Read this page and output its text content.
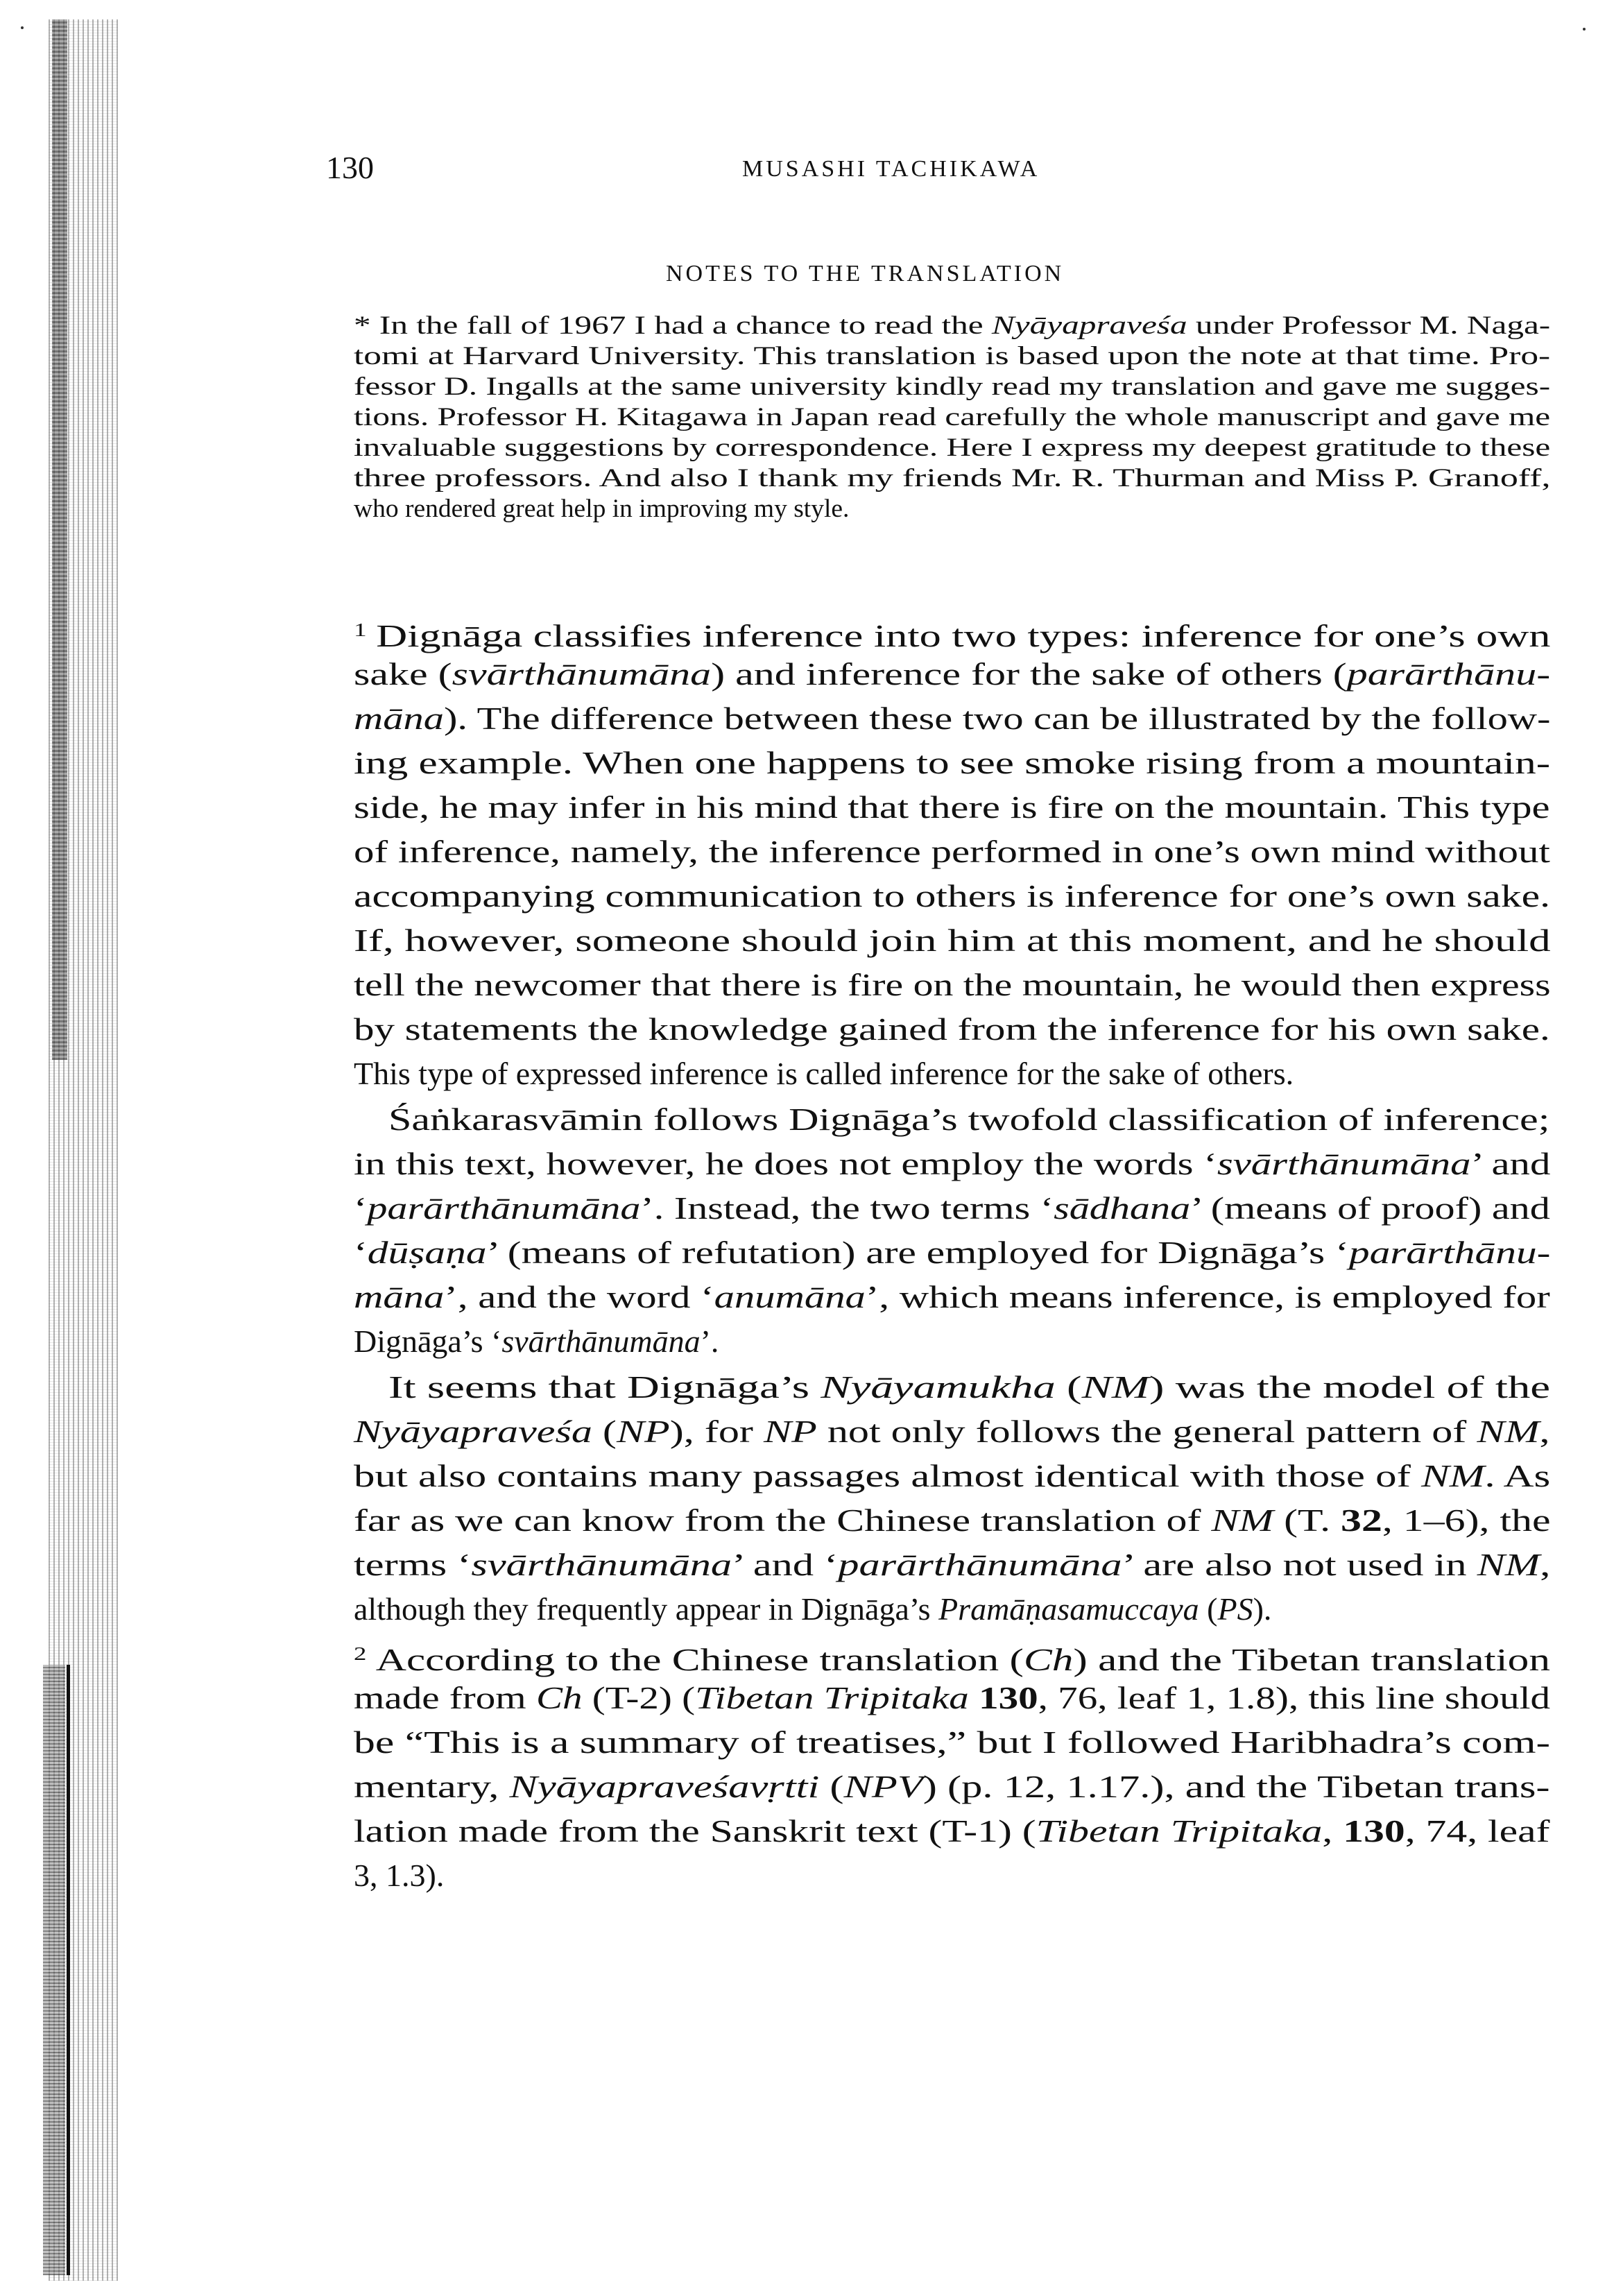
130	MUSASHI TACHIKAWA
NOTES TO THE TRANSLATION
* In the fall of 1967 I had a chance to read the Nyāyapraveśa under Professor M. Naga-
tomi at Harvard University. This translation is based upon the note at that time. Pro-
fessor D. Ingalls at the same university kindly read my translation and gave me sugges-
tions. Professor H. Kitagawa in Japan read carefully the whole manuscript and gave me
invaluable suggestions by correspondence. Here I express my deepest gratitude to these
three professors. And also I thank my friends Mr. R. Thurman and Miss P. Granoff,
who rendered great help in improving my style.
$^1$ Dignāga classifies inference into two types: inference for one’s own
sake (svārthānumāna) and inference for the sake of others (parārthānu-
māna). The difference between these two can be illustrated by the follow-
ing example. When one happens to see smoke rising from a mountain-
side, he may infer in his mind that there is fire on the mountain. This type
of inference, namely, the inference performed in one’s own mind without
accompanying communication to others is inference for one’s own sake.
If, however, someone should join him at this moment, and he should
tell the newcomer that there is fire on the mountain, he would then express
by statements the knowledge gained from the inference for his own sake.
This type of expressed inference is called inference for the sake of others.
Śaṅkarasvāmin follows Dignāga’s twofold classification of inference;
in this text, however, he does not employ the words ‘svārthānumāna’ and
‘parārthānumāna’. Instead, the two terms ‘sādhana’ (means of proof) and
‘dūṣaṇa’ (means of refutation) are employed for Dignāga’s ‘parārthānu-
māna’, and the word ‘anumāna’, which means inference, is employed for
Dignāga’s ‘svārthānumāna’.
It seems that Dignāga’s Nyāyamukha (NM) was the model of the
Nyāyapraveśa (NP), for NP not only follows the general pattern of NM,
but also contains many passages almost identical with those of NM. As
far as we can know from the Chinese translation of NM (T. 32, 1–6), the
terms ‘svārthānumāna’ and ‘parārthānumāna’ are also not used in NM,
although they frequently appear in Dignāga’s Pramāṇasamuccaya (PS).
$^2$ According to the Chinese translation (Ch) and the Tibetan translation
made from Ch (T-2) (Tibetan Tripitaka 130, 76, leaf 1, 1.8), this line should
be “This is a summary of treatises,” but I followed Haribhadra’s com-
mentary, Nyāyapraveśavṛtti (NPV) (p. 12, 1.17.), and the Tibetan trans-
lation made from the Sanskrit text (T-1) (Tibetan Tripitaka, 130, 74, leaf
3, 1.3).
